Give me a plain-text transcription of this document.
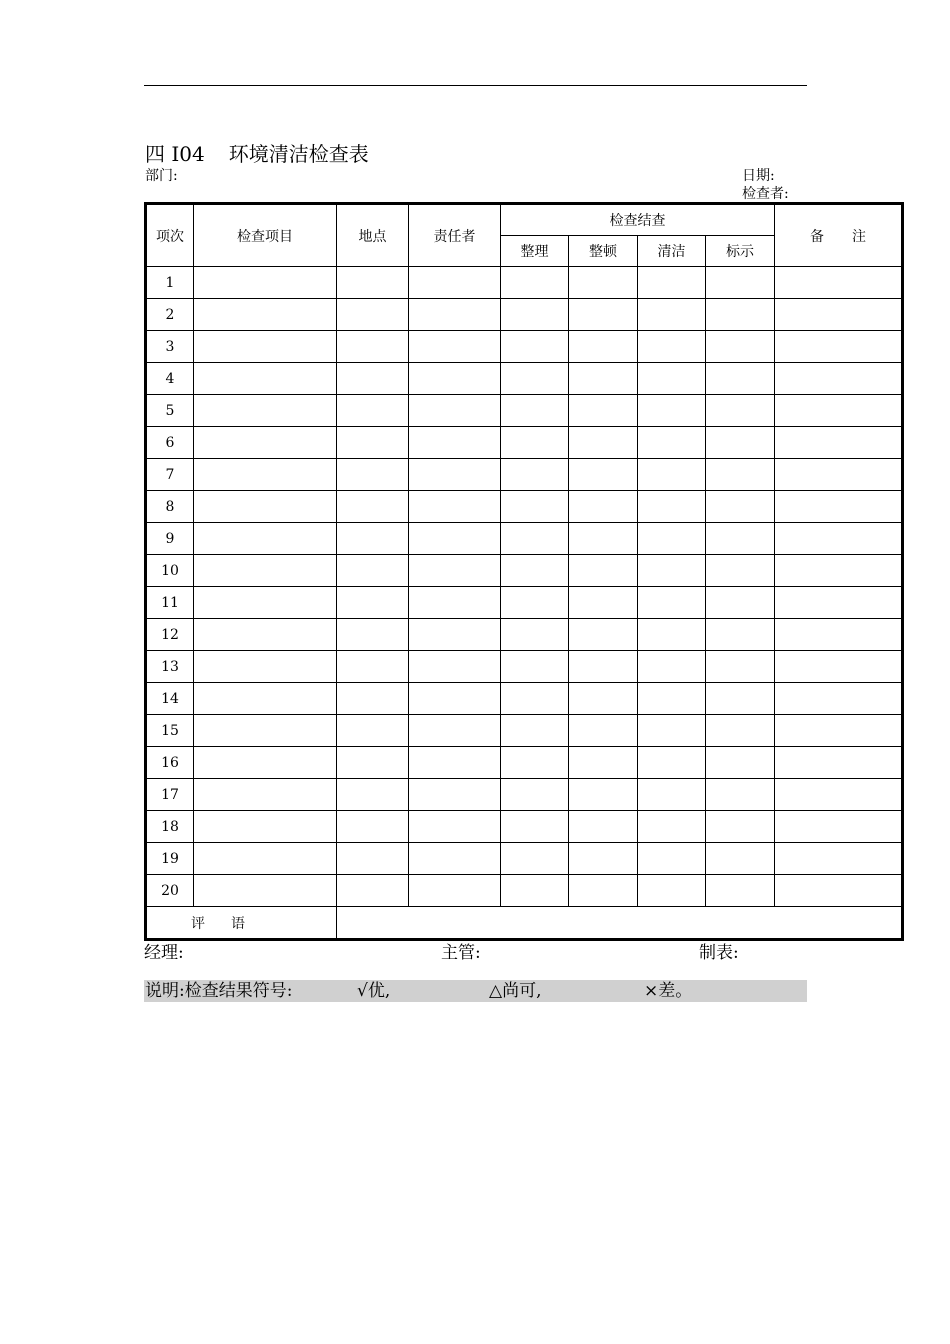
四 I04 环境清洁检查表
部门:	日期:
检查者:
项次	检查项目	地点	责任者	检查结查				备 注
				整理	整顿	清洁	标示	
1								
2								
3								
4								
5								
6								
7								
8								
9								
10								
11								
12								
13								
14								
15								
16								
17								
18								
19								
20								
评 语								
经理:	主管:	制表:
说明:检查结果符号:	√优,	△尚可,	×差。
